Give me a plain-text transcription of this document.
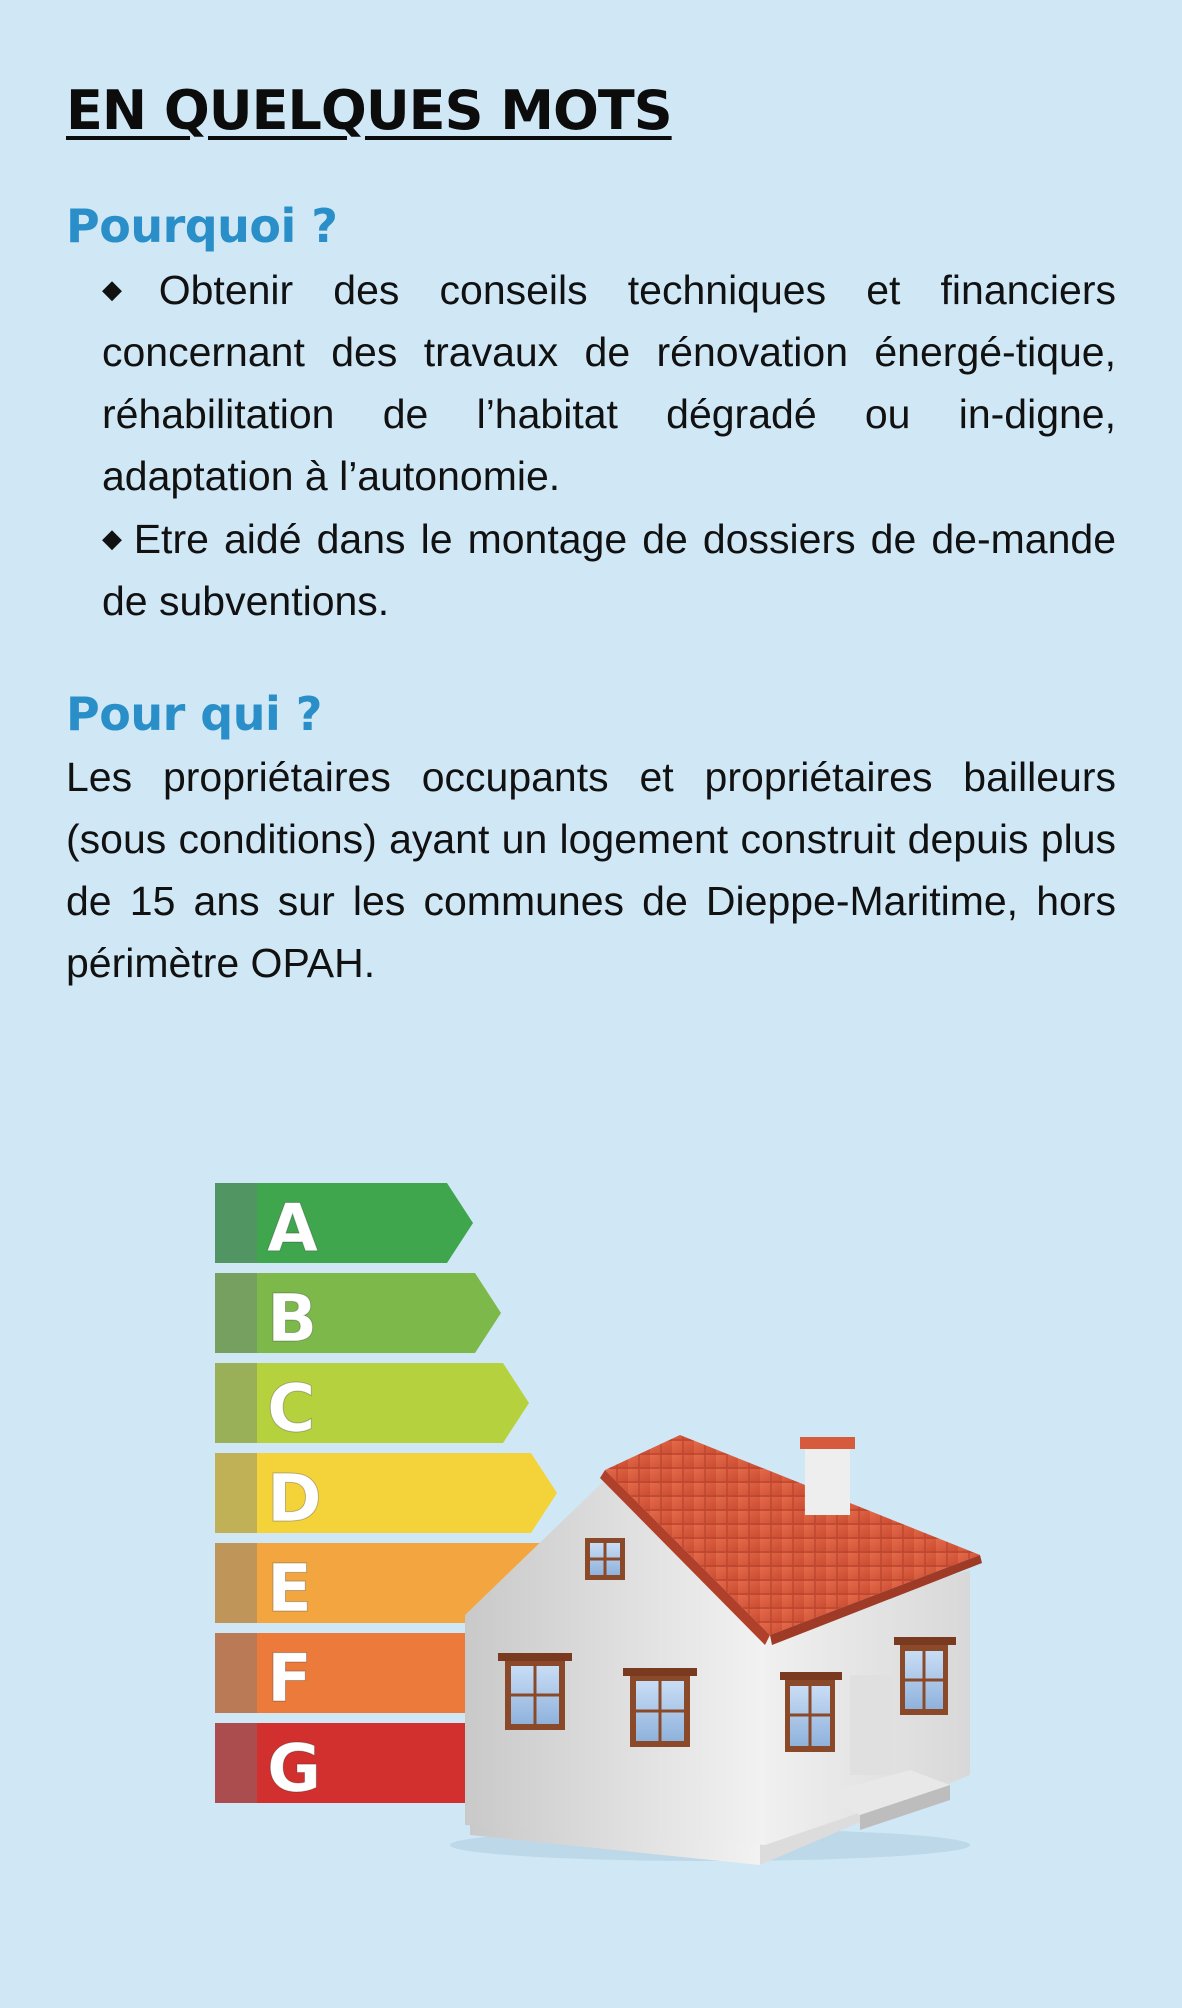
EN QUELQUES MOTS
Pourquoi ?
◆ Obtenir des conseils techniques et financiers concernant des travaux de rénovation énergé-tique, réhabilitation de l’habitat dégradé ou in-digne, adaptation à l’autonomie.
◆ Etre aidé dans le montage de dossiers de de-mande de subventions.
Pour qui ?

Les propriétaires occupants et propriétaires bailleurs (sous conditions) ayant un logement construit depuis plus de 15 ans sur les communes de Dieppe-Maritime, hors périmètre OPAH.

A
B
C
D
E
F
G
